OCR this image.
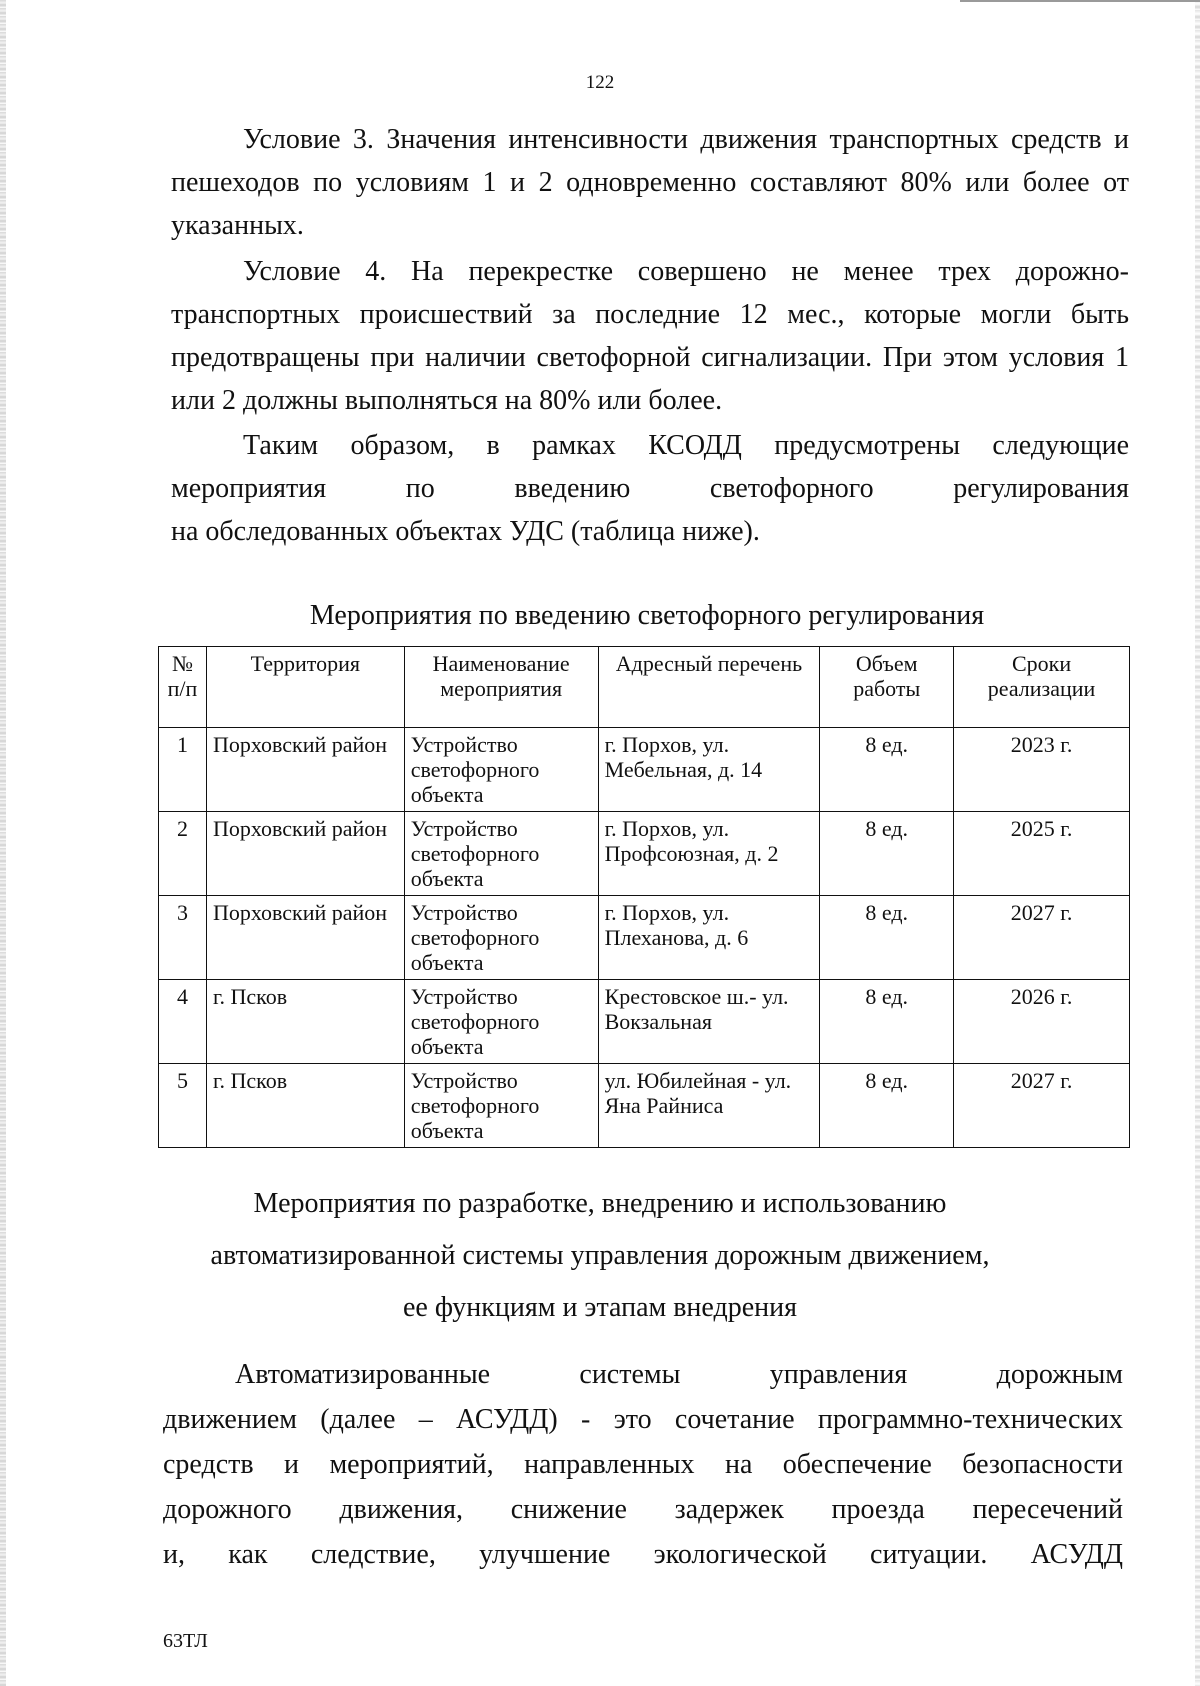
122

Условие 3. Значения интенсивности движения транспортных средств и пешеходов по условиям 1 и 2 одновременно составляют 80% или более от указанных.

Условие 4. На перекрестке совершено не менее трех дорожно-транспортных происшествий за последние 12 мес., которые могли быть предотвращены при наличии светофорной сигнализации. При этом условия 1 или 2 должны выполняться на 80% или более.

Таким образом, в рамках КСОДД предусмотрены следующие
мероприятия по введению светофорного регулирования
на обследованных объектах УДС (таблица ниже).

Мероприятия по введению светофорного регулирования
№ п/п	Территория	Наименование мероприятия	Адресный перечень	Объем работы	Сроки реализации
1	Порховский район	Устройство светофорного объекта	г. Порхов, ул. Мебельная, д. 14	8 ед.	2023 г.
2	Порховский район	Устройство светофорного объекта	г. Порхов, ул. Профсоюзная, д. 2	8 ед.	2025 г.
3	Порховский район	Устройство светофорного объекта	г. Порхов, ул. Плеханова, д. 6	8 ед.	2027 г.
4	г. Псков	Устройство светофорного объекта	Крестовское ш.- ул. Вокзальная	8 ед.	2026 г.
5	г. Псков	Устройство светофорного объекта	ул. Юбилейная - ул. Яна Райниса	8 ед.	2027 г.
Мероприятия по разработке, внедрению и использованию
автоматизированной системы управления дорожным движением,
ее функциям и этапам внедрения

Автоматизированные системы управления дорожным
движением (далее – АСУДД) - это сочетание программно-технических
средств и мероприятий, направленных на обеспечение безопасности
дорожного движения, снижение задержек проезда пересечений
и, как следствие, улучшение экологической ситуации. АСУДД

63ТЛ
